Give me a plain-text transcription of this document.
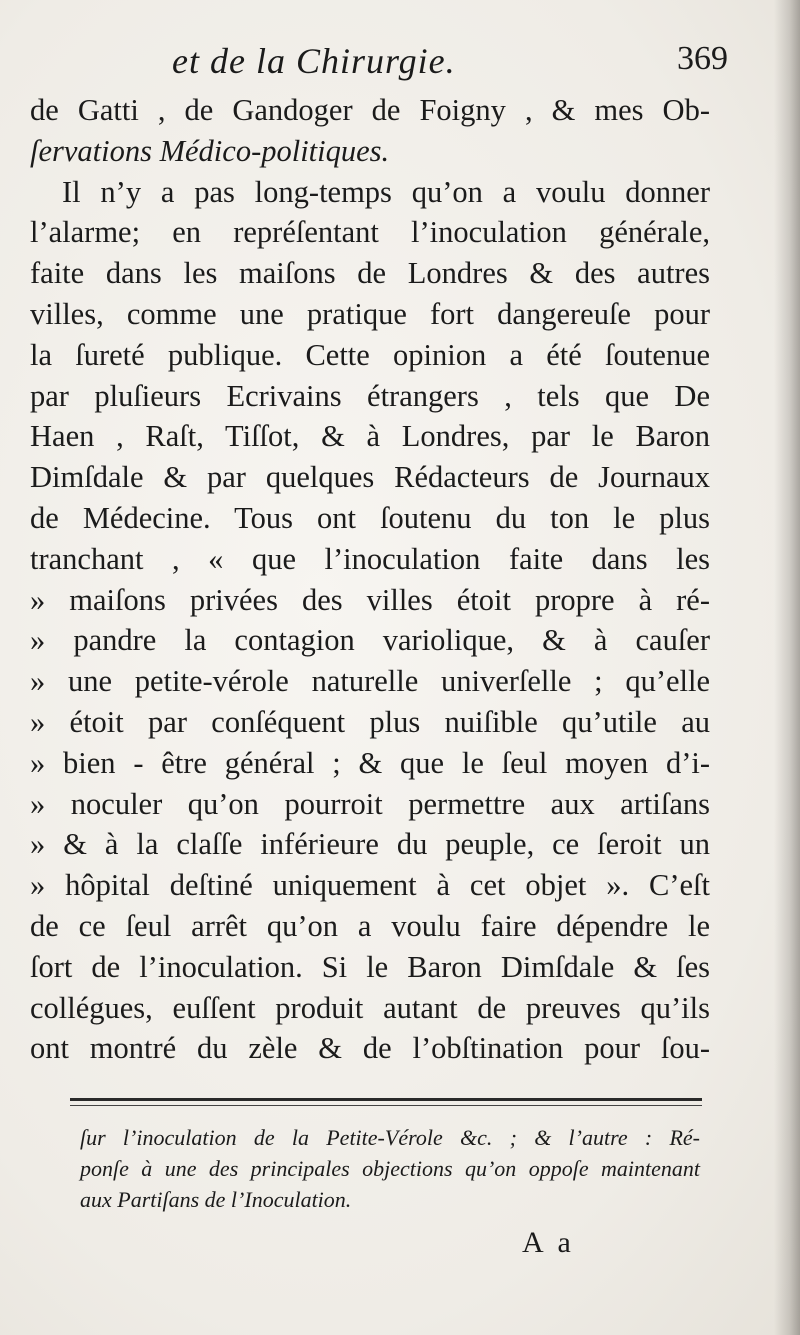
et de la Chirurgie.	369
de Gatti , de Gandoger de Foigny , & mes Ob-
ſervations Médico-politiques.
Il n’y a pas long-temps qu’on a voulu donner
l’alarme; en repréſentant l’inoculation générale,
faite dans les maiſons de Londres & des autres
villes, comme une pratique fort dangereuſe pour
la ſureté publique. Cette opinion a été ſoutenue
par pluſieurs Ecrivains étrangers , tels que De
Haen , Raſt, Tiſſot, & à Londres, par le Baron
Dimſdale & par quelques Rédacteurs de Journaux
de Médecine. Tous ont ſoutenu du ton le plus
tranchant , « que l’inoculation faite dans les
» maiſons privées des villes étoit propre à ré-
» pandre la contagion variolique, & à cauſer
» une petite-vérole naturelle univerſelle ; qu’elle
» étoit par conſéquent plus nuiſible qu’utile au
» bien - être général ; & que le ſeul moyen d’i-
» noculer qu’on pourroit permettre aux artiſans
» & à la claſſe inférieure du peuple, ce ſeroit un
» hôpital deſtiné uniquement à cet objet ». C’eſt
de ce ſeul arrêt qu’on a voulu faire dépendre le
ſort de l’inoculation. Si le Baron Dimſdale & ſes
collégues, euſſent produit autant de preuves qu’ils
ont montré du zèle & de l’obſtination pour ſou-
ſur l’inoculation de la Petite-Vérole &c. ; & l’autre : Ré-
ponſe à une des principales objections qu’on oppoſe maintenant
aux Partiſans de l’Inoculation.
A a
